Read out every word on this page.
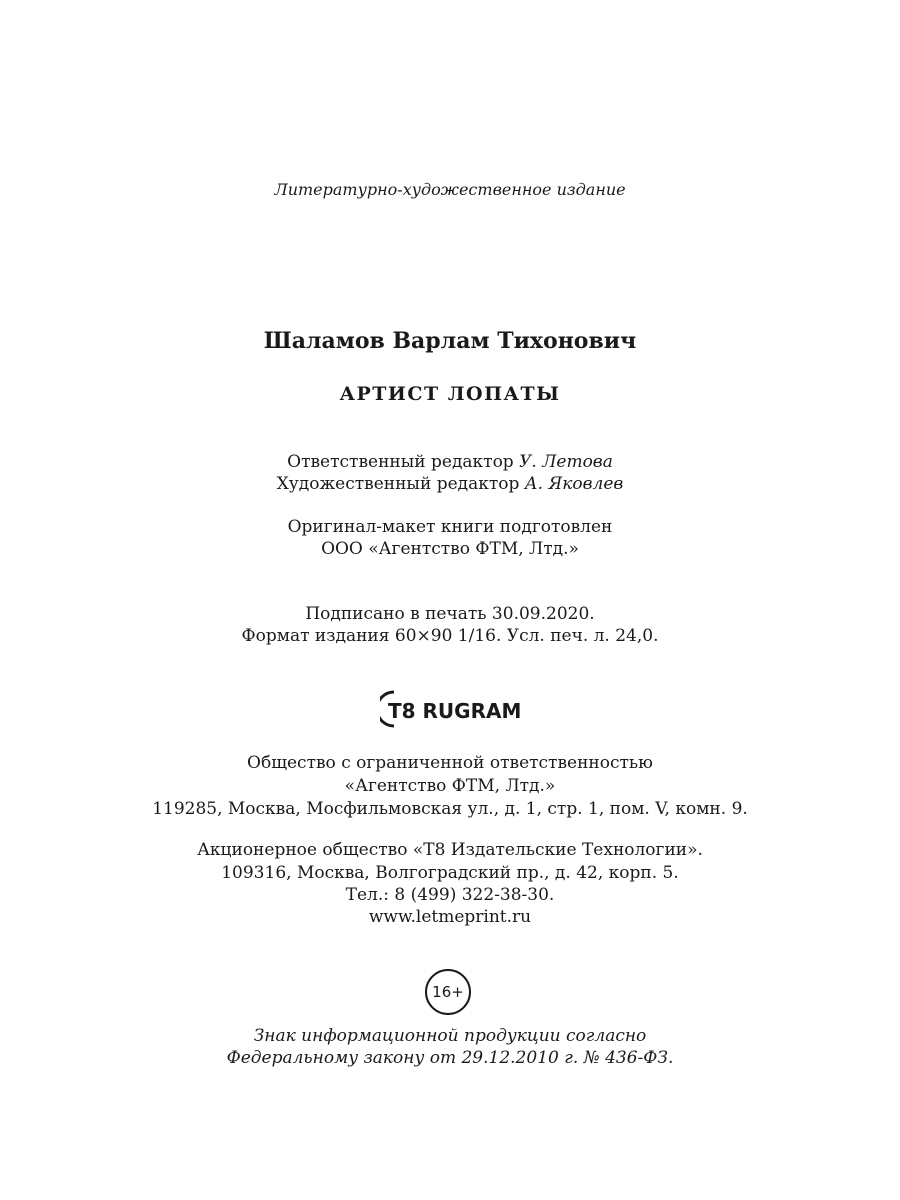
Литературно-художественное издание
Шаламов Варлам Тихонович
АРТИСТ ЛОПАТЫ
Ответственный редактор У. Летова
Художественный редактор А. Яковлев
Оригинал-макет книги подготовлен
ООО «Агентство ФТМ, Лтд.»
Подписано в печать 30.09.2020.
Формат издания 60×90 1/16. Усл. печ. л. 24,0.
T8 RUGRAM
Общество с ограниченной ответственностью
«Агентство ФТМ, Лтд.»
119285, Москва, Мосфильмовская ул., д. 1, стр. 1, пом. V, комн. 9.
Акционерное общество «Т8 Издательские Технологии».
109316, Москва, Волгоградский пр., д. 42, корп. 5.
Тел.: 8 (499) 322-38-30.
www.letmeprint.ru
16+
Знак информационной продукции согласно
Федеральному закону от 29.12.2010 г. № 436-ФЗ.
